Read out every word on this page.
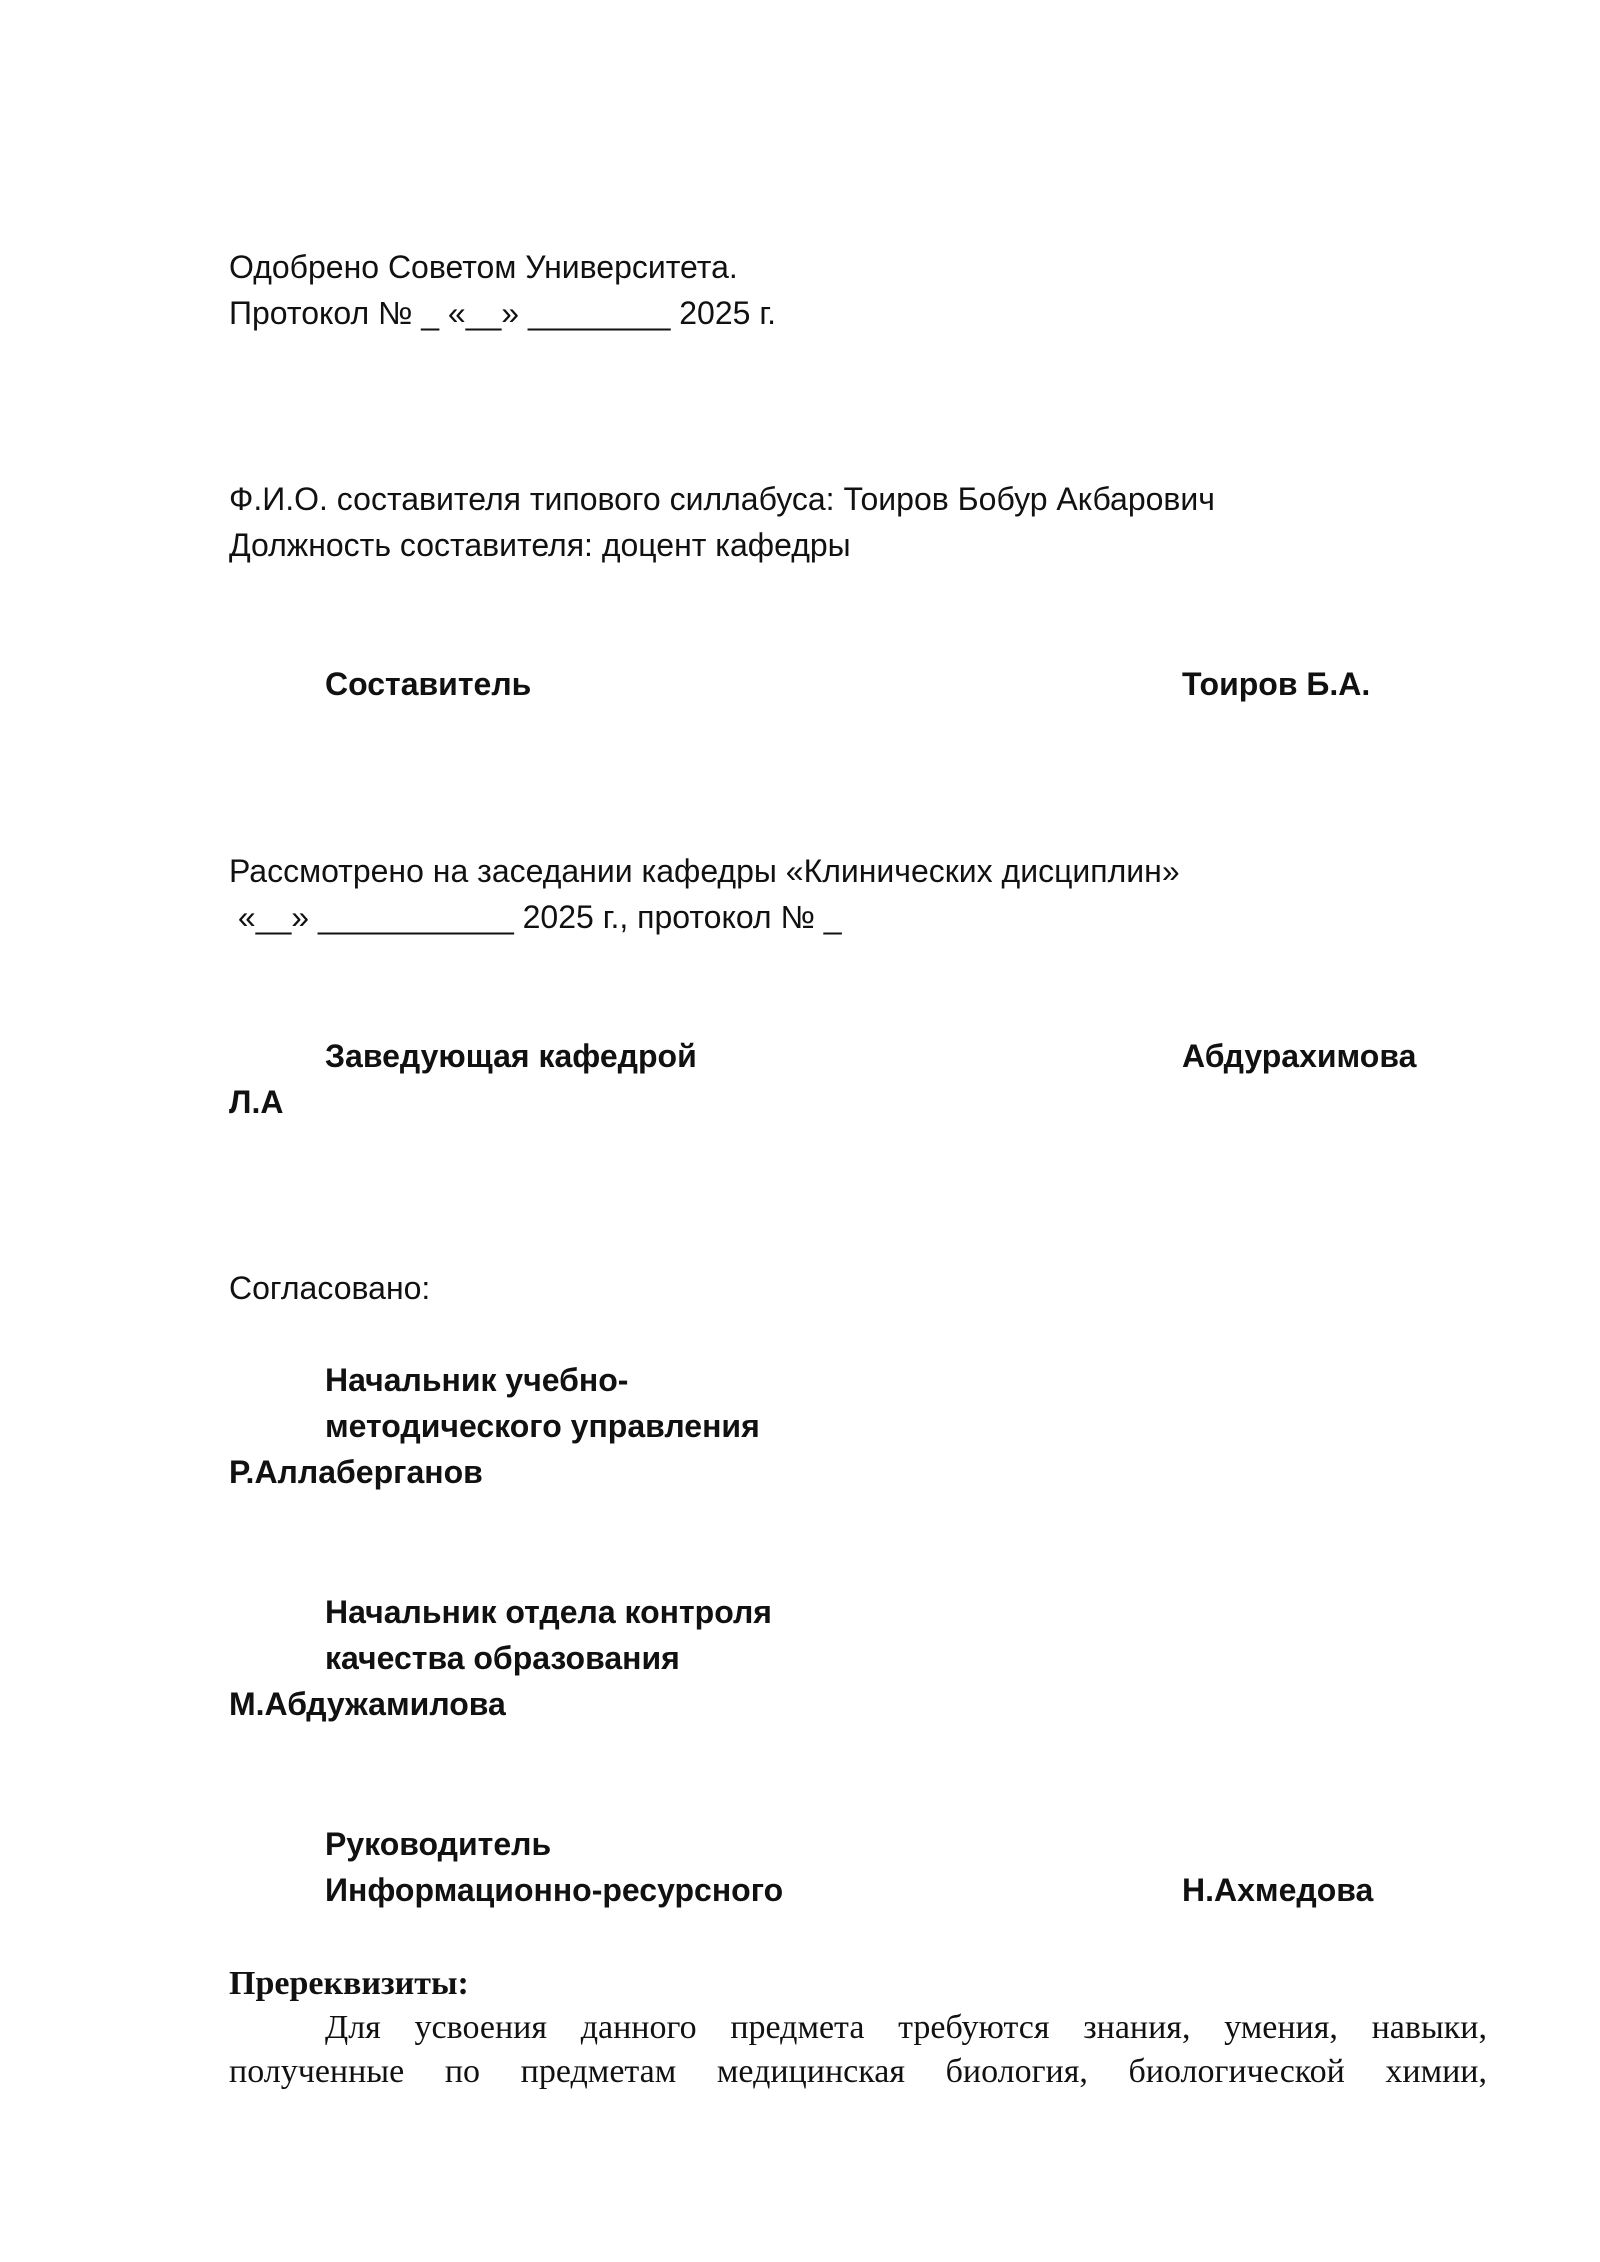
Одобрено Советом Университета.

Протокол № _ «__» ________ 2025 г.

Ф.И.О. составителя типового силлабуса: Тоиров Бобур Акбарович

Должность составителя: доцент кафедры

Составитель	Тоиров Б.А.

Рассмотрено на заседании кафедры «Клинических дисциплин»

«__» ___________ 2025 г., протокол № _

Заведующая кафедрой	Абдурахимова

Л.А

Согласовано:

Начальник учебно-

методического управления

Р.Аллаберганов

Начальник отдела контроля

качества образования

М.Абдужамилова

Руководитель

Информационно-ресурсного	Н.Ахмедова

Пререквизиты:

Для усвоения данного предмета требуются знания, умения, навыки,

полученные по предметам медицинская биология, биологической химии,
